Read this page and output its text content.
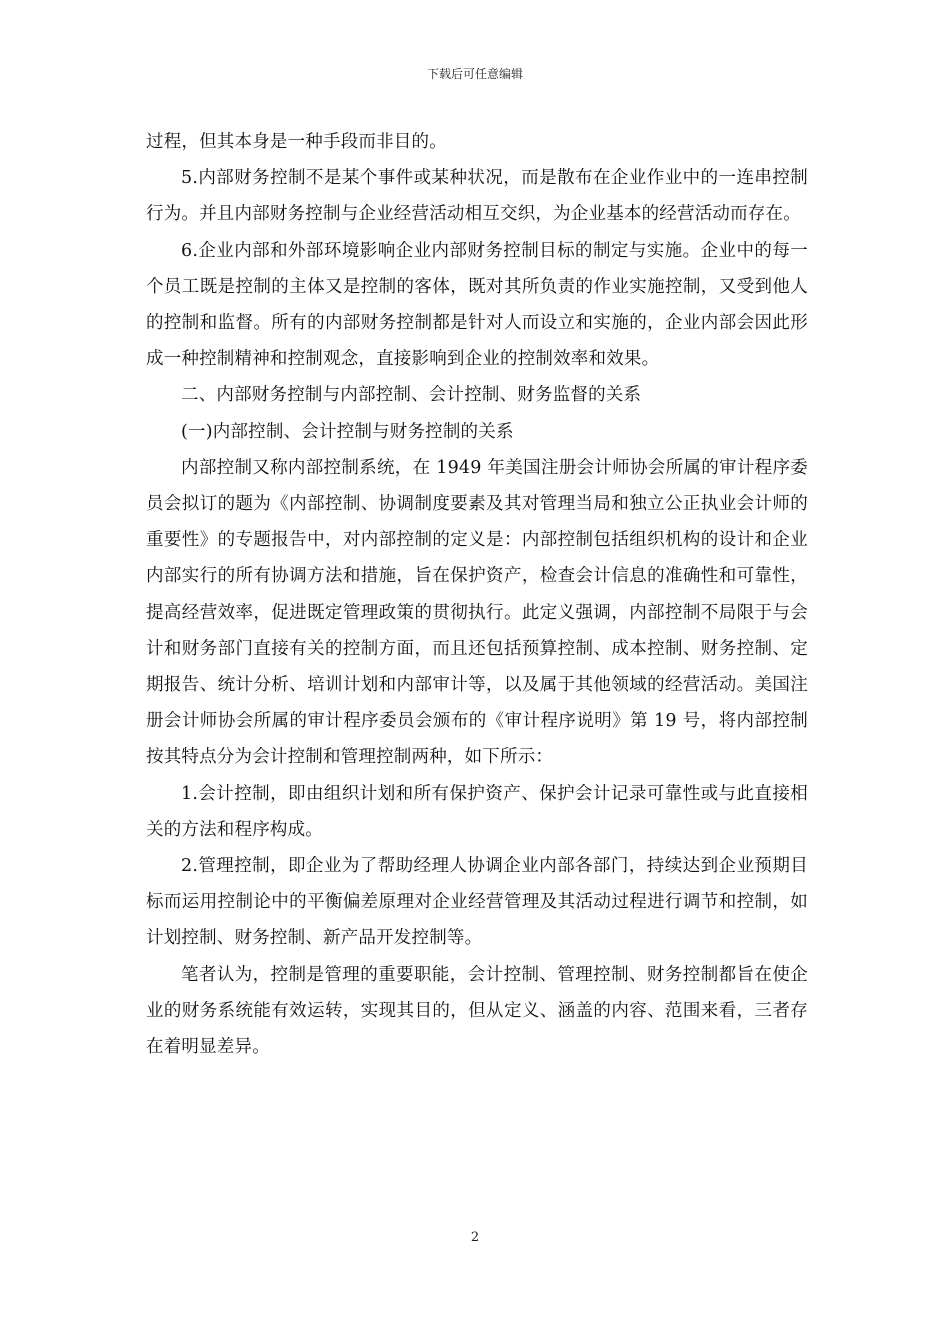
下载后可任意编辑

过程，但其本身是一种手段而非目的。

5.内部财务控制不是某个事件或某种状况，而是散布在企业作业中的一连串控制行为。并且内部财务控制与企业经营活动相互交织，为企业基本的经营活动而存在。

6.企业内部和外部环境影响企业内部财务控制目标的制定与实施。企业中的每一个员工既是控制的主体又是控制的客体，既对其所负责的作业实施控制，又受到他人的控制和监督。所有的内部财务控制都是针对人而设立和实施的，企业内部会因此形成一种控制精神和控制观念，直接影响到企业的控制效率和效果。

二、内部财务控制与内部控制、会计控制、财务监督的关系

(一)内部控制、会计控制与财务控制的关系

内部控制又称内部控制系统，在 1949 年美国注册会计师协会所属的审计程序委员会拟订的题为《内部控制、协调制度要素及其对管理当局和独立公正执业会计师的重要性》的专题报告中，对内部控制的定义是：内部控制包括组织机构的设计和企业内部实行的所有协调方法和措施，旨在保护资产，检查会计信息的准确性和可靠性，提高经营效率，促进既定管理政策的贯彻执行。此定义强调，内部控制不局限于与会计和财务部门直接有关的控制方面，而且还包括预算控制、成本控制、财务控制、定期报告、统计分析、培训计划和内部审计等，以及属于其他领域的经营活动。美国注册会计师协会所属的审计程序委员会颁布的《审计程序说明》第 19 号，将内部控制按其特点分为会计控制和管理控制两种，如下所示：

1.会计控制，即由组织计划和所有保护资产、保护会计记录可靠性或与此直接相关的方法和程序构成。

2.管理控制，即企业为了帮助经理人协调企业内部各部门，持续达到企业预期目标而运用控制论中的平衡偏差原理对企业经营管理及其活动过程进行调节和控制，如计划控制、财务控制、新产品开发控制等。

笔者认为，控制是管理的重要职能，会计控制、管理控制、财务控制都旨在使企业的财务系统能有效运转，实现其目的，但从定义、涵盖的内容、范围来看，三者存在着明显差异。

2
